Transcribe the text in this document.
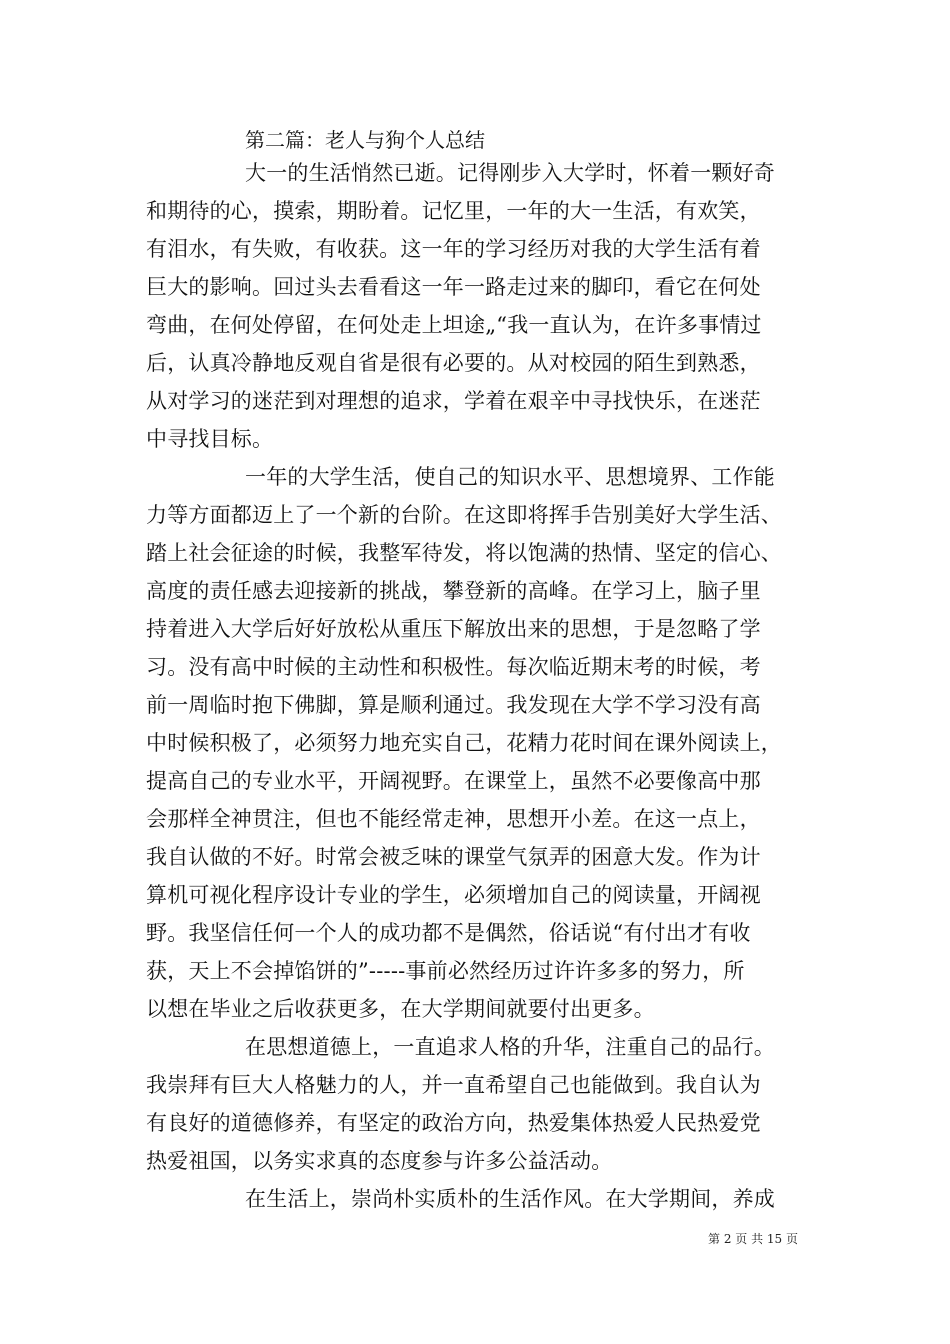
第二篇：老人与狗个人总结
大一的生活悄然已逝。记得刚步入大学时，怀着一颗好奇
和期待的心，摸索，期盼着。记忆里，一年的大一生活，有欢笑，
有泪水，有失败，有收获。这一年的学习经历对我的大学生活有着
巨大的影响。回过头去看看这一年一路走过来的脚印，看它在何处
弯曲，在何处停留，在何处走上坦途„“我一直认为，在许多事情过
后，认真冷静地反观自省是很有必要的。从对校园的陌生到熟悉，
从对学习的迷茫到对理想的追求，学着在艰辛中寻找快乐，在迷茫
中寻找目标。
一年的大学生活，使自己的知识水平、思想境界、工作能
力等方面都迈上了一个新的台阶。在这即将挥手告别美好大学生活、
踏上社会征途的时候，我整军待发，将以饱满的热情、坚定的信心、
高度的责任感去迎接新的挑战，攀登新的高峰。在学习上，脑子里
持着进入大学后好好放松从重压下解放出来的思想，于是忽略了学
习。没有高中时候的主动性和积极性。每次临近期末考的时候，考
前一周临时抱下佛脚，算是顺利通过。我发现在大学不学习没有高
中时候积极了，必须努力地充实自己，花精力花时间在课外阅读上，
提高自己的专业水平，开阔视野。在课堂上，虽然不必要像高中那
会那样全神贯注，但也不能经常走神，思想开小差。在这一点上，
我自认做的不好。时常会被乏味的课堂气氛弄的困意大发。作为计
算机可视化程序设计专业的学生，必须增加自己的阅读量，开阔视
野。我坚信任何一个人的成功都不是偶然，俗话说“有付出才有收
获，天上不会掉馅饼的”-----事前必然经历过许许多多的努力，所
以想在毕业之后收获更多，在大学期间就要付出更多。
在思想道德上，一直追求人格的升华，注重自己的品行。
我崇拜有巨大人格魅力的人，并一直希望自己也能做到。我自认为
有良好的道德修养，有坚定的政治方向，热爱集体热爱人民热爱党
热爱祖国，以务实求真的态度参与许多公益活动。
在生活上，崇尚朴实质朴的生活作风。在大学期间，养成
第 2 页 共 15 页
